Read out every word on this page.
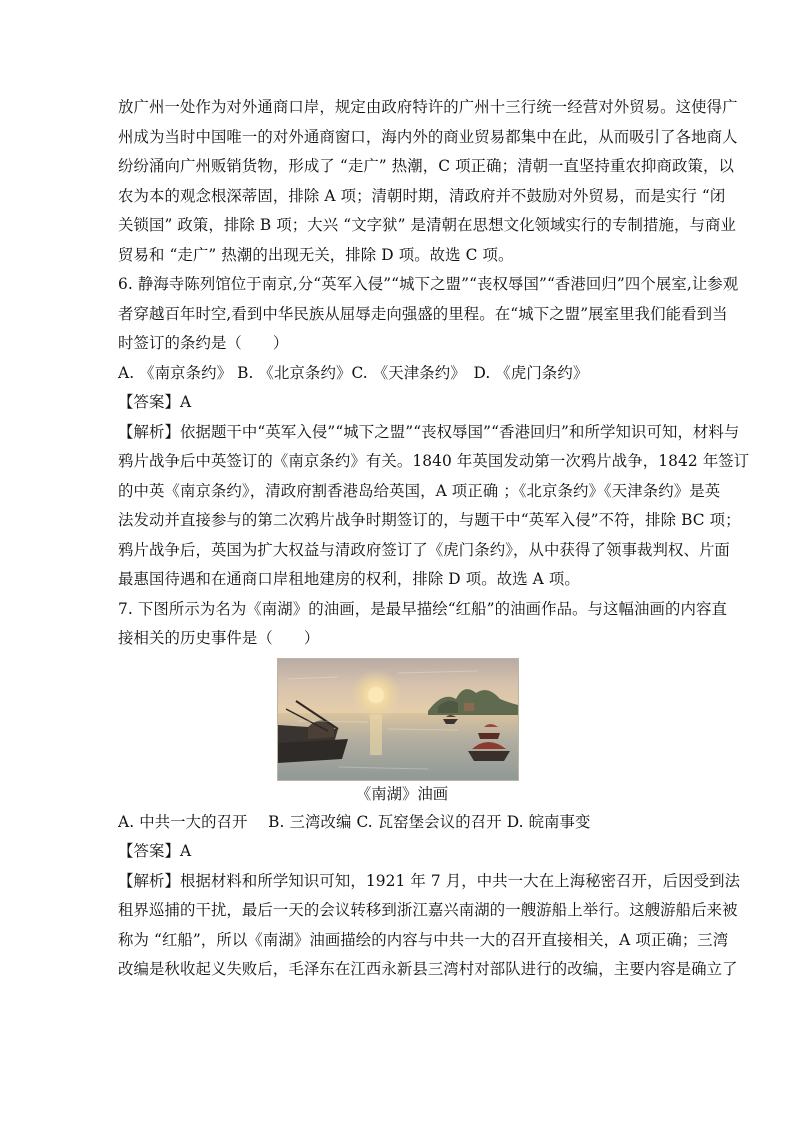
放广州一处作为对外通商口岸，规定由政府特许的广州十三行统一经营对外贸易。这使得广
州成为当时中国唯一的对外通商窗口，海内外的商业贸易都集中在此，从而吸引了各地商人
纷纷涌向广州贩销货物，形成了 “走广” 热潮，C 项正确；清朝一直坚持重农抑商政策，以
农为本的观念根深蒂固，排除 A 项；清朝时期，清政府并不鼓励对外贸易，而是实行 “闭
关锁国” 政策，排除 B 项；大兴 “文字狱” 是清朝在思想文化领域实行的专制措施，与商业
贸易和 “走广” 热潮的出现无关，排除 D 项。故选 C 项。
6. 静海寺陈列馆位于南京,分“英军入侵”“城下之盟”“丧权辱国”“香港回归”四个展室,让参观
者穿越百年时空,看到中华民族从屈辱走向强盛的里程。在“城下之盟”展室里我们能看到当
时签订的条约是（　　）
A. 《南京条约》 B. 《北京条约》C. 《天津条约》　D. 《虎门条约》
【答案】A
【解析】依据题干中“英军入侵”“城下之盟”“丧权辱国”“香港回归”和所学知识可知，材料与
鸦片战争后中英签订的《南京条约》有关。1840 年英国发动第一次鸦片战争，1842 年签订
的中英《南京条约》，清政府割香港岛给英国，A 项正确 ；《北京条约》《天津条约》是英
法发动并直接参与的第二次鸦片战争时期签订的，与题干中“英军入侵”不符，排除 BC 项；
鸦片战争后，英国为扩大权益与清政府签订了《虎门条约》，从中获得了领事裁判权、片面
最惠国待遇和在通商口岸租地建房的权利，排除 D 项。故选 A 项。
7. 下图所示为名为《南湖》的油画，是最早描绘“红船”的油画作品。与这幅油画的内容直
接相关的历史事件是（　　）
《南湖》油画
A. 中共一大的召开　 B. 三湾改编 C. 瓦窑堡会议的召开 D. 皖南事变
【答案】A
【解析】根据材料和所学知识可知，1921 年 7 月，中共一大在上海秘密召开，后因受到法
租界巡捕的干扰，最后一天的会议转移到浙江嘉兴南湖的一艘游船上举行。这艘游船后来被
称为 “红船”，所以《南湖》油画描绘的内容与中共一大的召开直接相关，A 项正确；三湾
改编是秋收起义失败后，毛泽东在江西永新县三湾村对部队进行的改编，主要内容是确立了
